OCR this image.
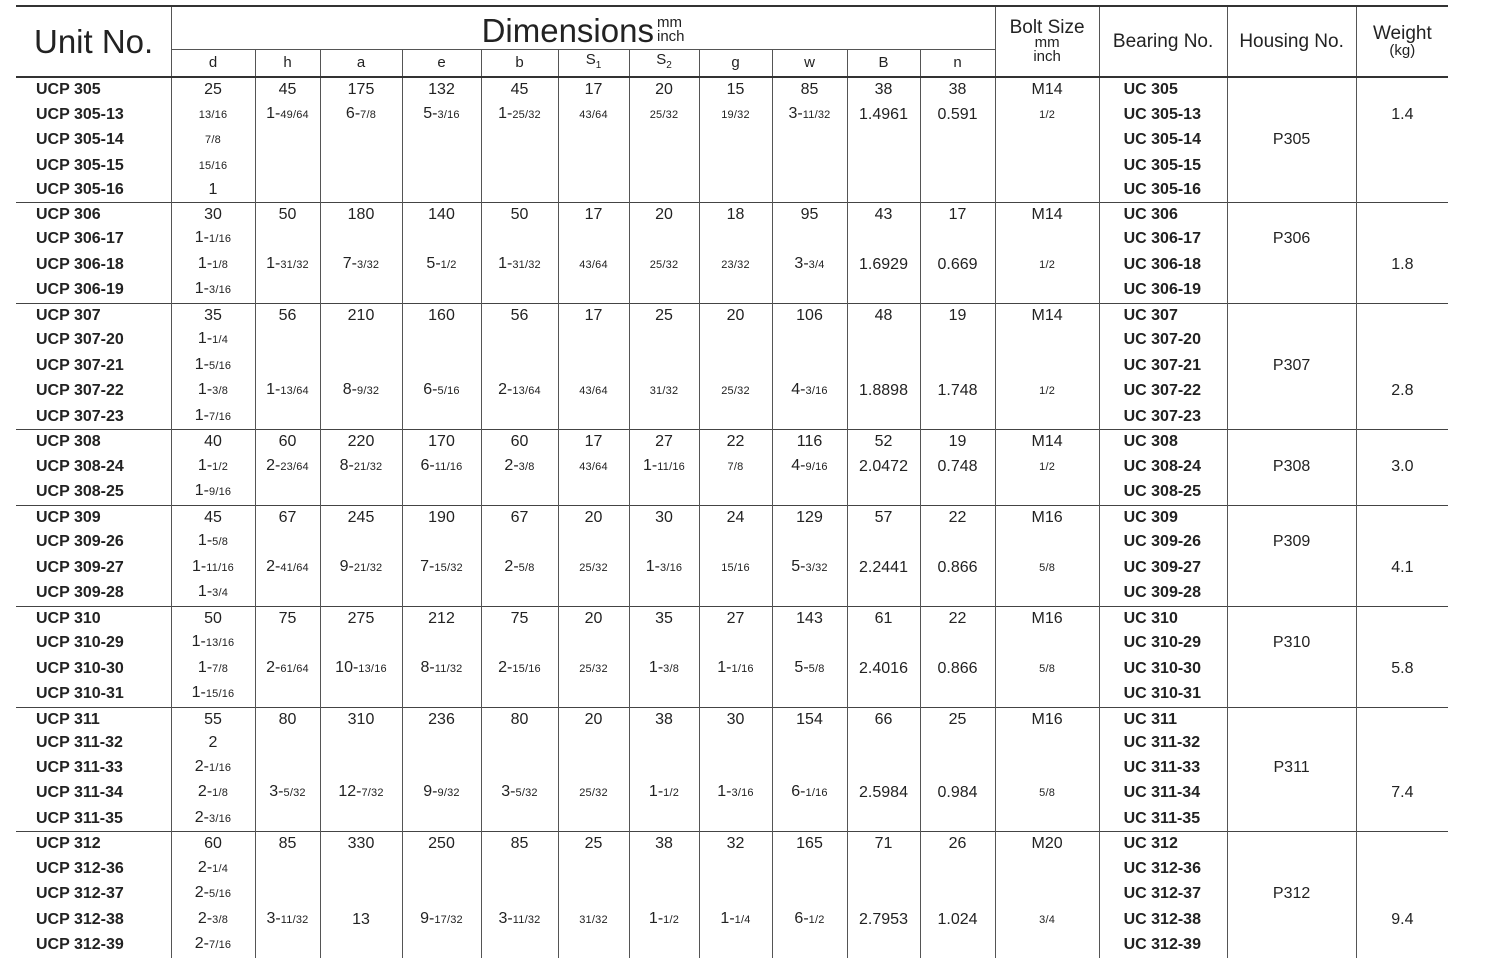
Unit No.	Dimensions mm
inch											Bolt Size
mm
inch	Bearing No.	Housing No.	Weight
(kg)

	d	h	a	e	b	$S_1$	$S_2$	g	w	B	n				
UCP 305	25	45	175	132	45	17	20	15	85	38	38	M14	UC 305		
UCP 305-13	13/16	1-49/64	6-7/8	5-3/16	1-25/32	43/64	25/32	19/32	3-11/32	1.4961	0.591	1/2	UC 305-13		1.4
UCP 305-14	7/8												UC 305-14	P305	
UCP 305-15	15/16												UC 305-15		
UCP 305-16	1												UC 305-16		
UCP 306	30	50	180	140	50	17	20	18	95	43	17	M14	UC 306		
UCP 306-17	1-1/16												UC 306-17	P306	
UCP 306-18	1-1/8	1-31/32	7-3/32	5-1/2	1-31/32	43/64	25/32	23/32	3-3/4	1.6929	0.669	1/2	UC 306-18		1.8
UCP 306-19	1-3/16												UC 306-19		
UCP 307	35	56	210	160	56	17	25	20	106	48	19	M14	UC 307		
UCP 307-20	1-1/4												UC 307-20		
UCP 307-21	1-5/16												UC 307-21	P307	
UCP 307-22	1-3/8	1-13/64	8-9/32	6-5/16	2-13/64	43/64	31/32	25/32	4-3/16	1.8898	1.748	1/2	UC 307-22		2.8
UCP 307-23	1-7/16												UC 307-23		
UCP 308	40	60	220	170	60	17	27	22	116	52	19	M14	UC 308		
UCP 308-24	1-1/2	2-23/64	8-21/32	6-11/16	2-3/8	43/64	1-11/16	7/8	4-9/16	2.0472	0.748	1/2	UC 308-24	P308	3.0
UCP 308-25	1-9/16												UC 308-25		
UCP 309	45	67	245	190	67	20	30	24	129	57	22	M16	UC 309		
UCP 309-26	1-5/8												UC 309-26	P309	
UCP 309-27	1-11/16	2-41/64	9-21/32	7-15/32	2-5/8	25/32	1-3/16	15/16	5-3/32	2.2441	0.866	5/8	UC 309-27		4.1
UCP 309-28	1-3/4												UC 309-28		
UCP 310	50	75	275	212	75	20	35	27	143	61	22	M16	UC 310		
UCP 310-29	1-13/16												UC 310-29	P310	
UCP 310-30	1-7/8	2-61/64	10-13/16	8-11/32	2-15/16	25/32	1-3/8	1-1/16	5-5/8	2.4016	0.866	5/8	UC 310-30		5.8
UCP 310-31	1-15/16												UC 310-31		
UCP 311	55	80	310	236	80	20	38	30	154	66	25	M16	UC 311		
UCP 311-32	2												UC 311-32		
UCP 311-33	2-1/16												UC 311-33	P311	
UCP 311-34	2-1/8	3-5/32	12-7/32	9-9/32	3-5/32	25/32	1-1/2	1-3/16	6-1/16	2.5984	0.984	5/8	UC 311-34		7.4
UCP 311-35	2-3/16												UC 311-35		
UCP 312	60	85	330	250	85	25	38	32	165	71	26	M20	UC 312		
UCP 312-36	2-1/4												UC 312-36		
UCP 312-37	2-5/16												UC 312-37	P312	
UCP 312-38	2-3/8	3-11/32	13	9-17/32	3-11/32	31/32	1-1/2	1-1/4	6-1/2	2.7953	1.024	3/4	UC 312-38		9.4
UCP 312-39	2-7/16												UC 312-39		
